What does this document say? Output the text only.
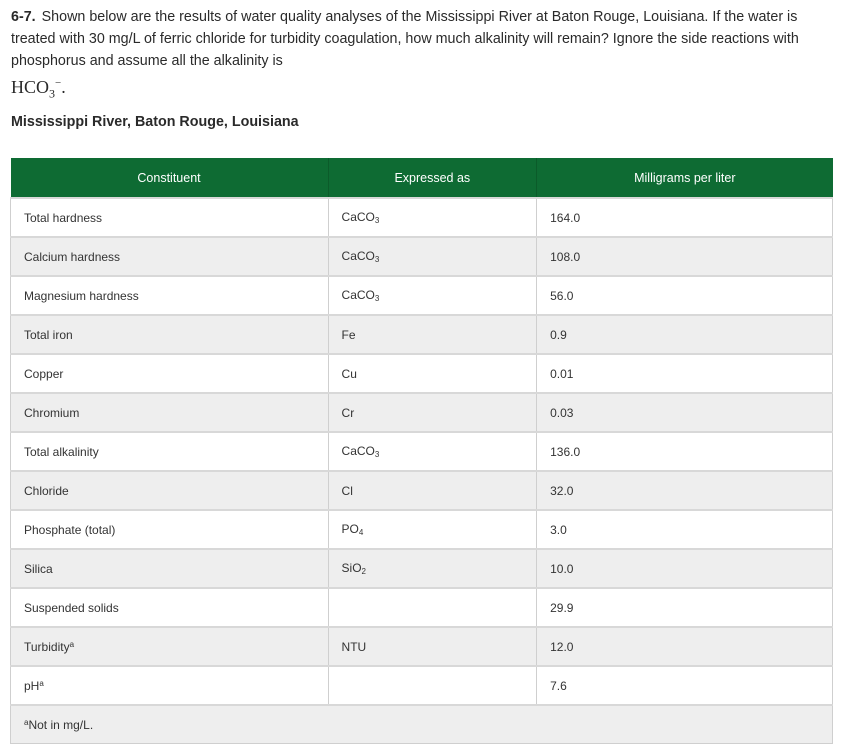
6-7. Shown below are the results of water quality analyses of the Mississippi River at Baton Rouge, Louisiana. If the water is treated with 30 mg/L of ferric chloride for turbidity coagulation, how much alkalinity will remain? Ignore the side reactions with phosphorus and assume all the alkalinity is
$HCO_3^-$.
Mississippi River, Baton Rouge, Louisiana
Constituent	Expressed as	Milligrams per liter
Total hardness	CaCO$_3$	164.0
Calcium hardness	CaCO$_3$	108.0
Magnesium hardness	CaCO$_3$	56.0
Total iron	Fe	0.9
Copper	Cu	0.01
Chromium	Cr	0.03
Total alkalinity	CaCO$_3$	136.0
Chloride	Cl	32.0
Phosphate (total)	$PO_4$	3.0
Silica	SiO$_2$	10.0
Suspended solids		29.9
Turbidity$^a$	NTU	12.0
$pH^a$		7.6
$^a$Not in mg/L.		
